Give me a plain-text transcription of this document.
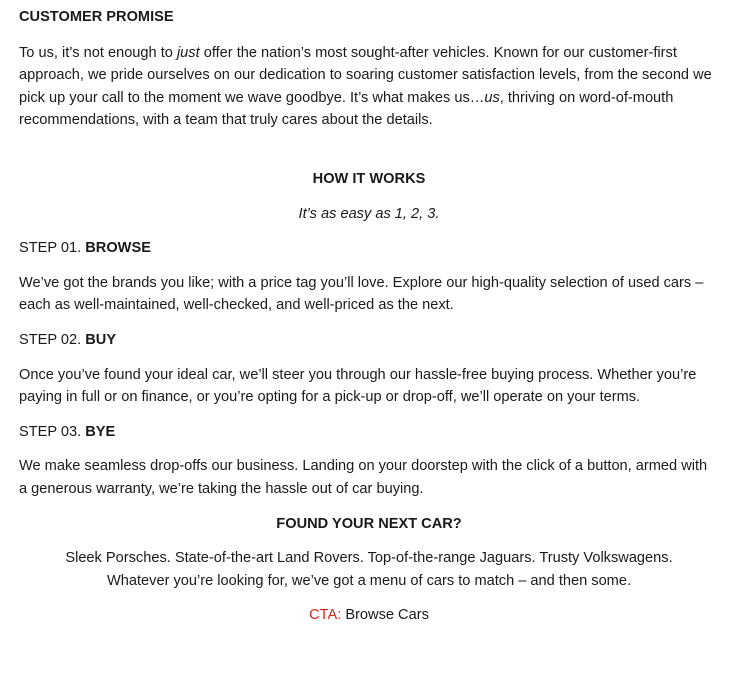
CUSTOMER PROMISE

To us, it’s not enough to just offer the nation’s most sought-after vehicles. Known for our customer-first approach, we pride ourselves on our dedication to soaring customer satisfaction levels, from the second we pick up your call to the moment we wave goodbye. It’s what makes us…us, thriving on word-of-mouth recommendations, with a team that truly cares about the details.

HOW IT WORKS

It’s as easy as 1, 2, 3.

STEP 01. BROWSE

We’ve got the brands you like; with a price tag you’ll love. Explore our high-quality selection of used cars – each as well-maintained, well-checked, and well-priced as the next.

STEP 02. BUY

Once you’ve found your ideal car, we’ll steer you through our hassle-free buying process. Whether you’re paying in full or on finance, or you’re opting for a pick-up or drop-off, we’ll operate on your terms.

STEP 03. BYE

We make seamless drop-offs our business. Landing on your doorstep with the click of a button, armed with a generous warranty, we’re taking the hassle out of car buying.

FOUND YOUR NEXT CAR?

Sleek Porsches. State-of-the-art Land Rovers. Top-of-the-range Jaguars. Trusty Volkswagens.

Whatever you’re looking for, we’ve got a menu of cars to match – and then some.

CTA: Browse Cars
